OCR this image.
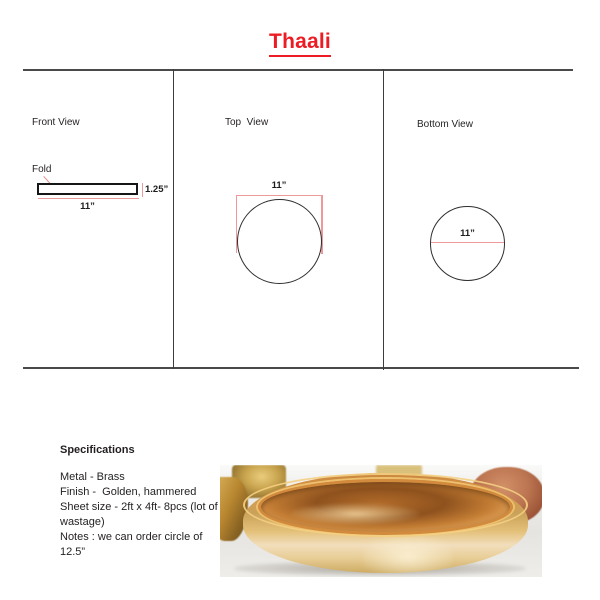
Thaali
Front View
Fold
1.25”
11”
Top  View
11”
Bottom View
11”
Specifications
Metal - Brass
Finish -  Golden, hammered
Sheet size - 2ft x 4ft- 8pcs (lot of
wastage)
Notes : we can order circle of
12.5”
